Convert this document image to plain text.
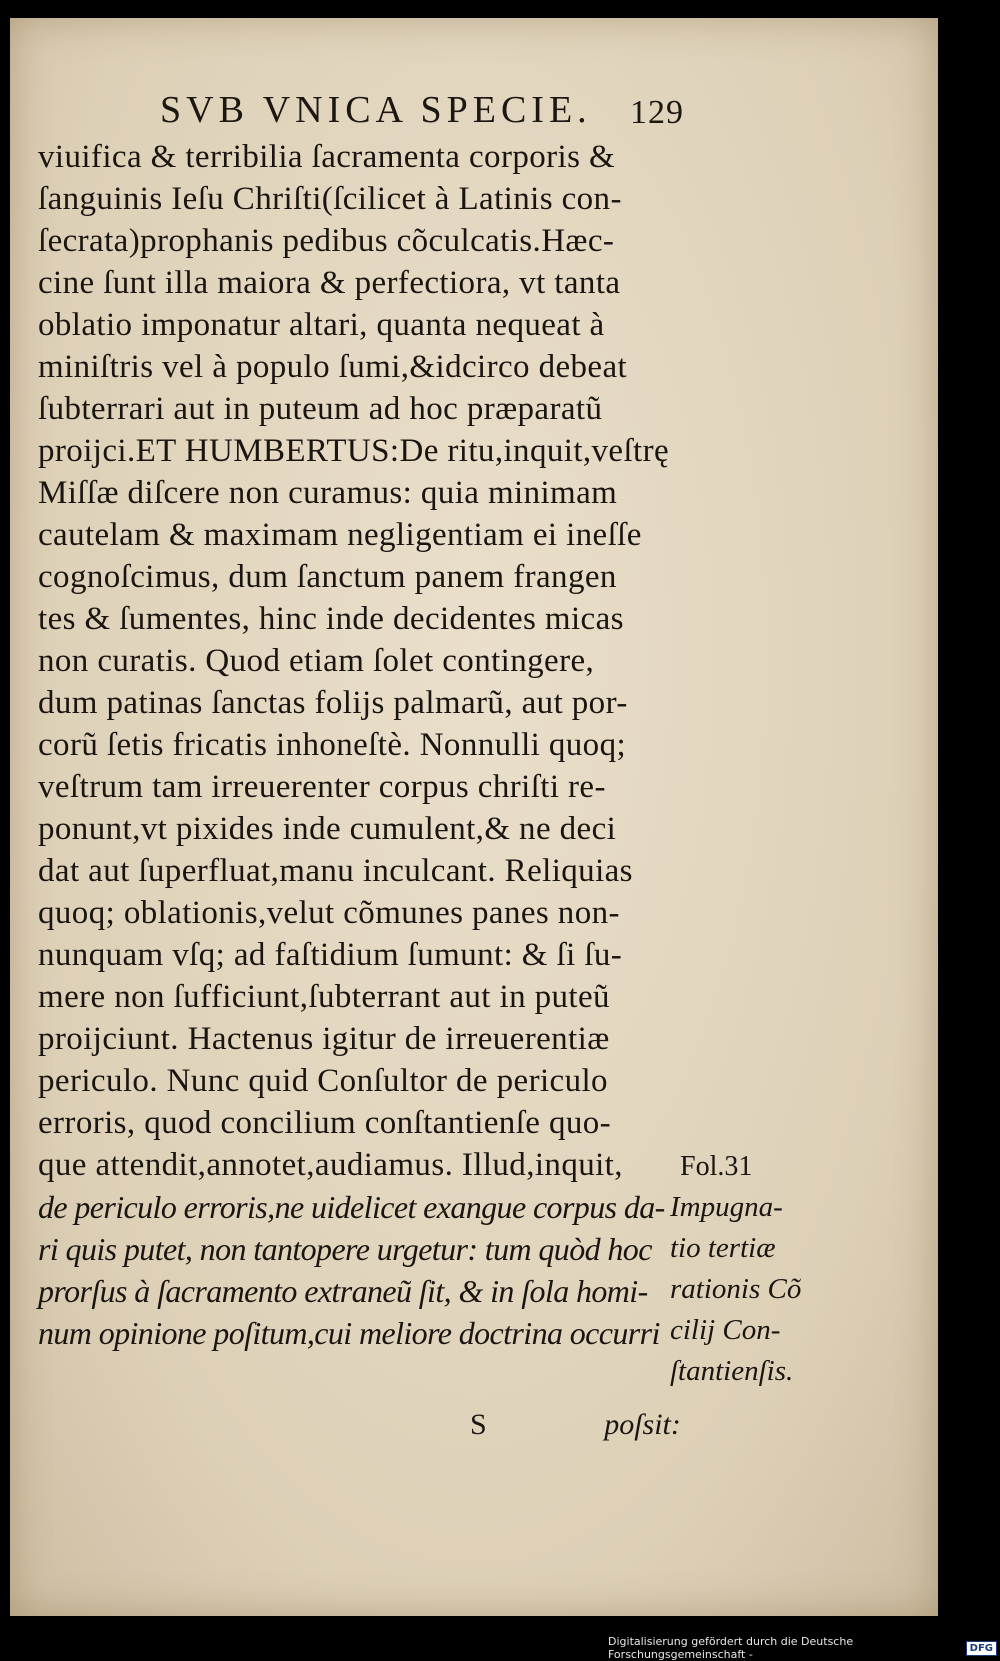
SVB VNICA SPECIE. 129
viuifica & terribilia ſacramenta corporis &
ſanguinis Ieſu Chriſti(ſcilicet à Latinis con-
ſecrata)prophanis pedibus cõculcatis.Hæc-
cine ſunt illa maiora & perfectiora, vt tanta
oblatio imponatur altari, quanta nequeat à
miniſtris vel à populo ſumi,&idcirco debeat
ſubterrari aut in puteum ad hoc præparatũ
proijci.ET HUMBERTUS:De ritu,inquit,veſtrę
Miſſæ diſcere non curamus: quia minimam
cautelam & maximam negligentiam ei ineſſe
cognoſcimus, dum ſanctum panem frangen
tes & ſumentes, hinc inde decidentes micas
non curatis. Quod etiam ſolet contingere,
dum patinas ſanctas folijs palmarũ, aut por-
corũ ſetis fricatis inhoneſtè. Nonnulli quoq;
veſtrum tam irreuerenter corpus chriſti re-
ponunt,vt pixides inde cumulent,& ne deci
dat aut ſuperfluat,manu inculcant. Reliquias
quoq; oblationis,velut cõmunes panes non-
nunquam vſq; ad faſtidium ſumunt: & ſi ſu-
mere non ſufficiunt,ſubterrant aut in puteũ
proijciunt. Hactenus igitur de irreuerentiæ
periculo. Nunc quid Conſultor de periculo
erroris, quod concilium conſtantienſe quo-
que attendit,annotet,audiamus. Illud,inquit,
de periculo erroris,ne uidelicet exangue corpus da-
ri quis putet, non tantopere urgetur: tum quòd hoc
prorſus à ſacramento extraneũ ſit, & in ſola homi-
num opinione poſitum,cui meliore doctrina occurri
Fol.31
Impugna-
tio tertiæ
rationis Cõ
cilij Con-
ſtantienſis.
S	poſsit:
Digitalisierung gefördert durch die Deutsche Forschungsgemeinschaft -	DFG
